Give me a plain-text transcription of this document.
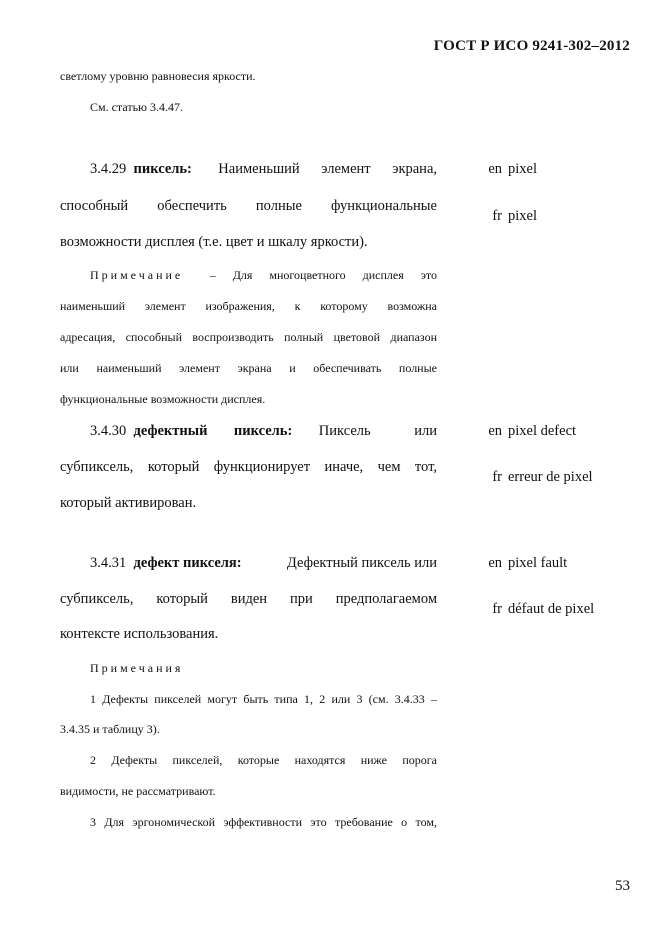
ГОСТ Р ИСО 9241-302–2012
светлому уровню равновесия яркости.
См. статью 3.4.47.
3.4.29 пиксель: Наименьший элемент экрана,
способный обеспечить полные функциональные
возможности дисплея (т.е. цвет и шкалу яркости).
en pixel
fr pixel
Примечание – Для многоцветного дисплея это
наименьший элемент изображения, к которому возможна
адресация, способный воспроизводить полный цветовой диапазон
или наименьший элемент экрана и обеспечивать полные
функциональные возможности дисплея.
3.4.30 дефектный пиксель: Пиксель или
субпиксель, который функционирует иначе, чем тот,
который активирован.
en pixel defect
fr erreur de pixel
3.4.31 дефект пикселя:	Дефектный пиксель или
субпиксель, который виден при предполагаемом
контексте использования.
en pixel fault
fr défaut de pixel
Примечания
1 Дефекты пикселей могут быть типа 1, 2 или 3 (см. 3.4.33 –
3.4.35 и таблицу 3).
2 Дефекты пикселей, которые находятся ниже порога
видимости, не рассматривают.
3 Для эргономической эффективности это требование о том,
53
